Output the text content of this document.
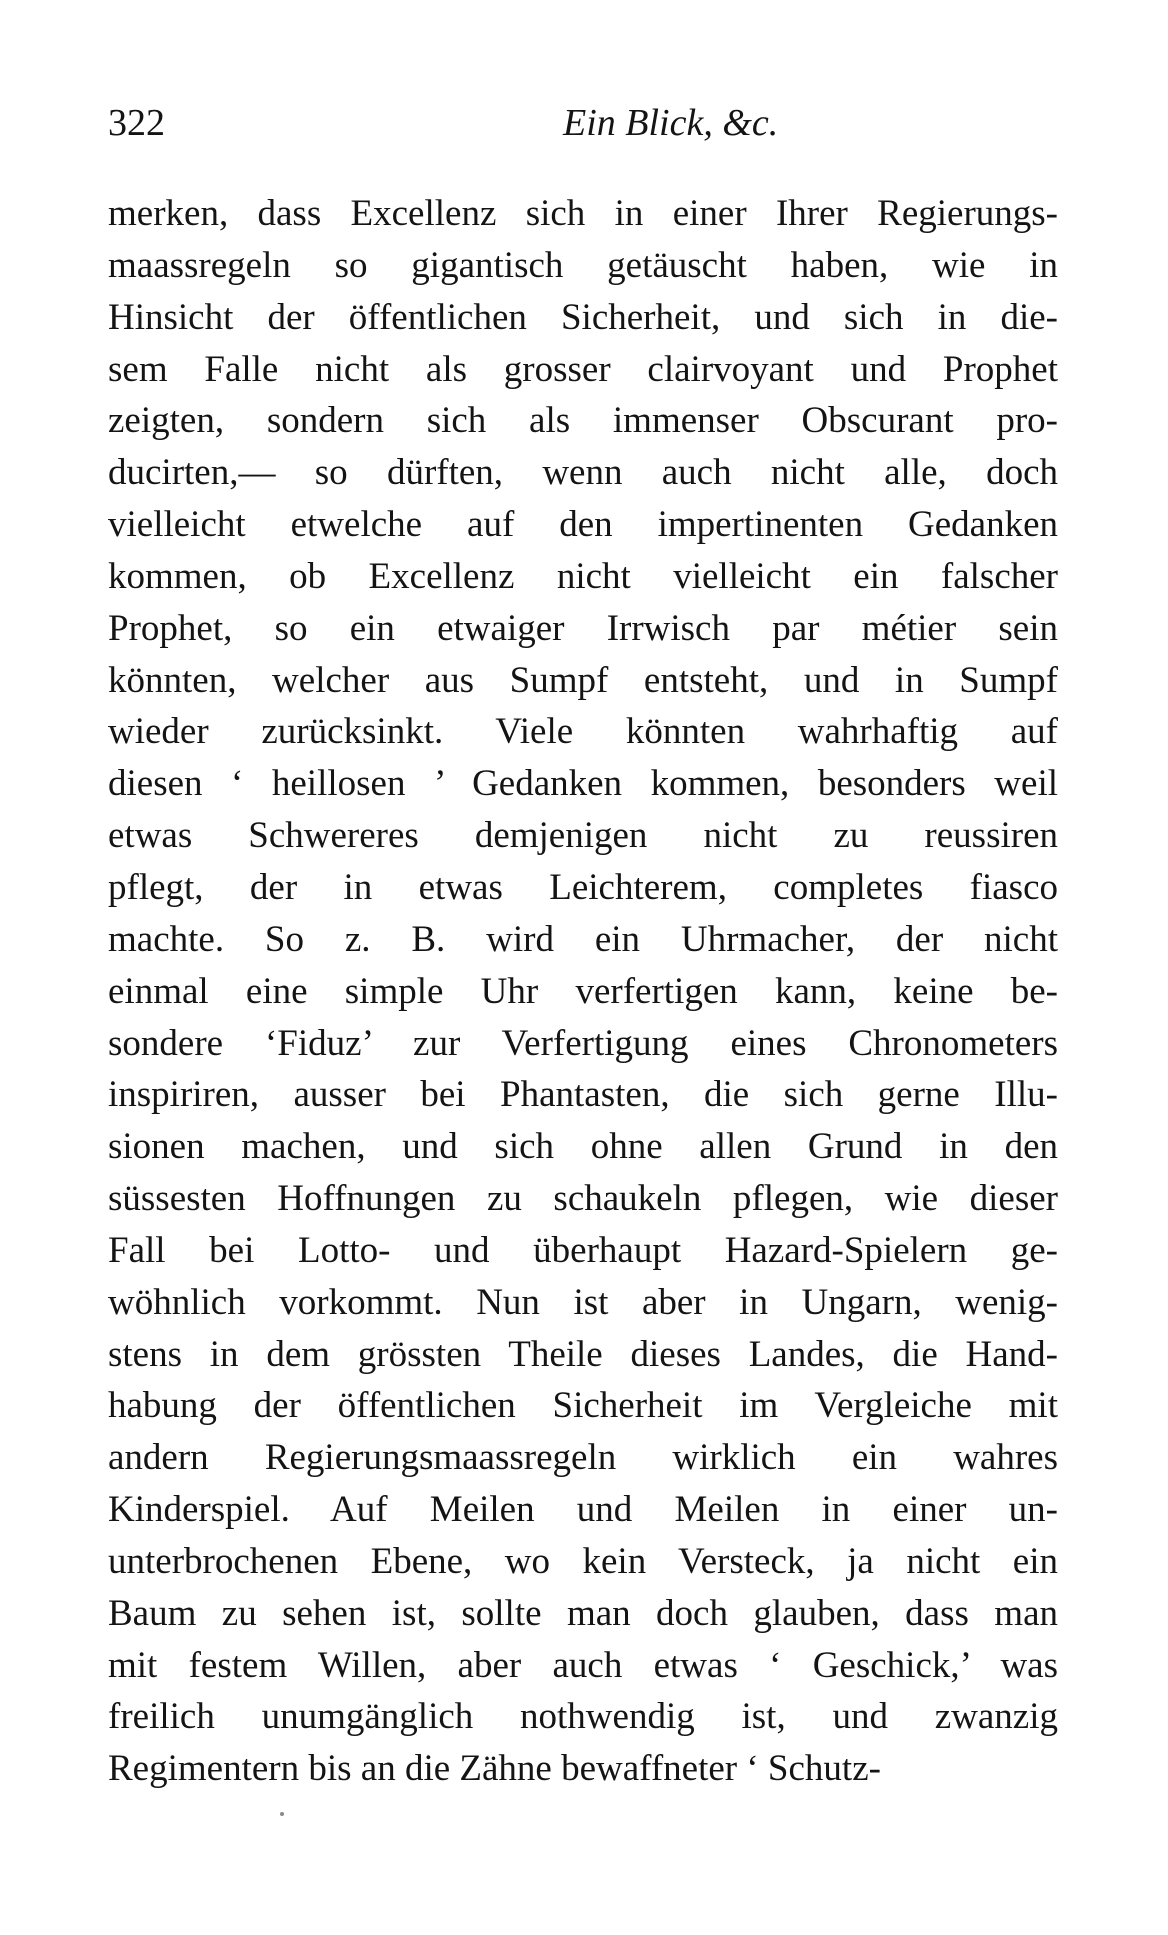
322	Ein Blick, &c.
merken, dass Excellenz sich in einer Ihrer Regierungs-
maassregeln so gigantisch getäuscht haben, wie in
Hinsicht der öffentlichen Sicherheit, und sich in die-
sem Falle nicht als grosser clairvoyant und Prophet
zeigten, sondern sich als immenser Obscurant pro-
ducirten,— so dürften, wenn auch nicht alle, doch
vielleicht etwelche auf den impertinenten Gedanken
kommen, ob Excellenz nicht vielleicht ein falscher
Prophet, so ein etwaiger Irrwisch par métier sein
könnten, welcher aus Sumpf entsteht, und in Sumpf
wieder zurücksinkt. Viele könnten wahrhaftig auf
diesen ‘ heillosen ’ Gedanken kommen, besonders weil
etwas Schwereres demjenigen nicht zu reussiren
pflegt, der in etwas Leichterem, completes fiasco
machte. So z. B. wird ein Uhrmacher, der nicht
einmal eine simple Uhr verfertigen kann, keine be-
sondere ‘Fiduz’ zur Verfertigung eines Chronometers
inspiriren, ausser bei Phantasten, die sich gerne Illu-
sionen machen, und sich ohne allen Grund in den
süssesten Hoffnungen zu schaukeln pflegen, wie dieser
Fall bei Lotto- und überhaupt Hazard-Spielern ge-
wöhnlich vorkommt. Nun ist aber in Ungarn, wenig-
stens in dem grössten Theile dieses Landes, die Hand-
habung der öffentlichen Sicherheit im Vergleiche mit
andern Regierungsmaassregeln wirklich ein wahres
Kinderspiel. Auf Meilen und Meilen in einer un-
unterbrochenen Ebene, wo kein Versteck, ja nicht ein
Baum zu sehen ist, sollte man doch glauben, dass man
mit festem Willen, aber auch etwas ‘ Geschick,’ was
freilich unumgänglich nothwendig ist, und zwanzig
Regimentern bis an die Zähne bewaffneter ‘ Schutz-
